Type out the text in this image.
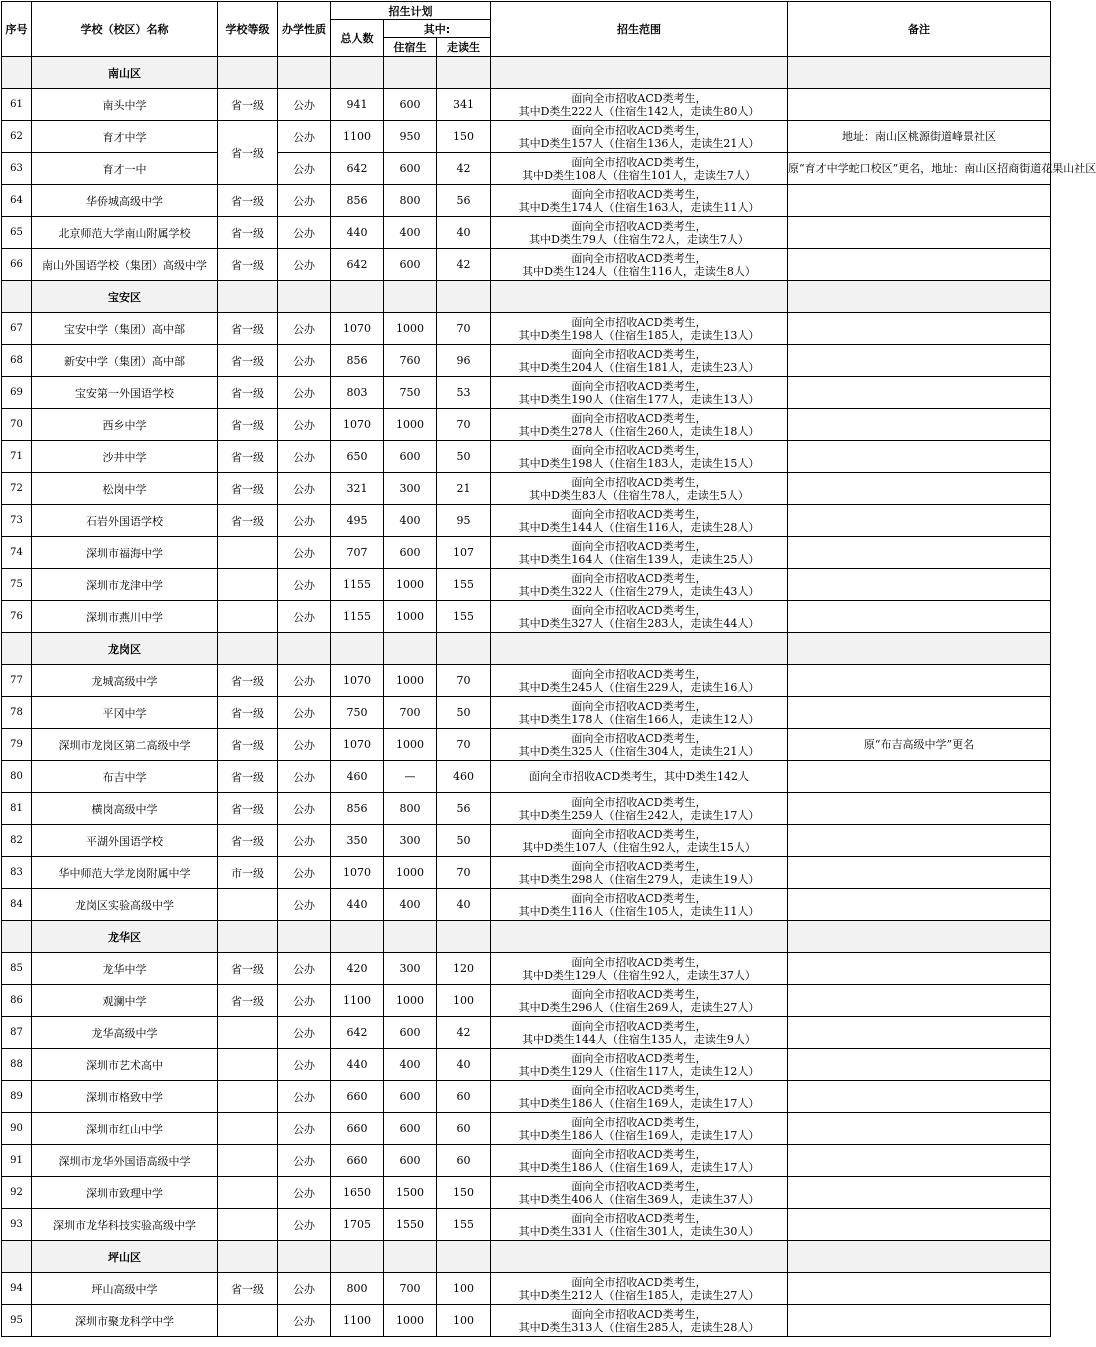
序号	学校（校区）名称	学校等级	办学性质	招生计划			招生范围	备注
				总人数	其中:			
					住宿生	走读生		
	南山区							
61	南头中学	省一级	公办	941	600	341	面向全市招收ACD类考生，
其中D类生222人（住宿生142人，走读生80人）	

62	育才中学	省一级	公办	1100	950	150	面向全市招收ACD类考生，
其中D类生157人（住宿生136人，走读生21人）	地址：南山区桃源街道峰景社区
63	育才一中		公办	642	600	42	面向全市招收ACD类考生，
其中D类生108人（住宿生101人，走读生7人）	原“育才中学蛇口校区”更名，地址：南山区招商街道花果山社区
64	华侨城高级中学	省一级	公办	856	800	56	面向全市招收ACD类考生，
其中D类生174人（住宿生163人，走读生11人）	

65	北京师范大学南山附属学校	省一级	公办	440	400	40	面向全市招收ACD类考生，
其中D类生79人（住宿生72人，走读生7人）	

66	南山外国语学校（集团）高级中学	省一级	公办	642	600	42	面向全市招收ACD类考生，
其中D类生124人（住宿生116人，走读生8人）	

	宝安区							
67	宝安中学（集团）高中部	省一级	公办	1070	1000	70	面向全市招收ACD类考生，
其中D类生198人（住宿生185人，走读生13人）	

68	新安中学（集团）高中部	省一级	公办	856	760	96	面向全市招收ACD类考生，
其中D类生204人（住宿生181人，走读生23人）	

69	宝安第一外国语学校	省一级	公办	803	750	53	面向全市招收ACD类考生，
其中D类生190人（住宿生177人，走读生13人）	

70	西乡中学	省一级	公办	1070	1000	70	面向全市招收ACD类考生，
其中D类生278人（住宿生260人，走读生18人）	

71	沙井中学	省一级	公办	650	600	50	面向全市招收ACD类考生，
其中D类生198人（住宿生183人，走读生15人）	

72	松岗中学	省一级	公办	321	300	21	面向全市招收ACD类考生，
其中D类生83人（住宿生78人，走读生5人）	

73	石岩外国语学校	省一级	公办	495	400	95	面向全市招收ACD类考生，
其中D类生144人（住宿生116人，走读生28人）	

74	深圳市福海中学		公办	707	600	107	面向全市招收ACD类考生，
其中D类生164人（住宿生139人，走读生25人）	

75	深圳市龙津中学		公办	1155	1000	155	面向全市招收ACD类考生，
其中D类生322人（住宿生279人，走读生43人）	

76	深圳市燕川中学		公办	1155	1000	155	面向全市招收ACD类考生，
其中D类生327人（住宿生283人，走读生44人）	

	龙岗区							
77	龙城高级中学	省一级	公办	1070	1000	70	面向全市招收ACD类考生，
其中D类生245人（住宿生229人，走读生16人）	

78	平冈中学	省一级	公办	750	700	50	面向全市招收ACD类考生，
其中D类生178人（住宿生166人，走读生12人）	

79	深圳市龙岗区第二高级中学	省一级	公办	1070	1000	70	面向全市招收ACD类考生，
其中D类生325人（住宿生304人，走读生21人）	原“布吉高级中学”更名
80	布吉中学	省一级	公办	460	—	460	面向全市招收ACD类考生，其中D类生142人	

81	横岗高级中学	省一级	公办	856	800	56	面向全市招收ACD类考生，
其中D类生259人（住宿生242人，走读生17人）	

82	平湖外国语学校	省一级	公办	350	300	50	面向全市招收ACD类考生，
其中D类生107人（住宿生92人，走读生15人）	

83	华中师范大学龙岗附属中学	市一级	公办	1070	1000	70	面向全市招收ACD类考生，
其中D类生298人（住宿生279人，走读生19人）	

84	龙岗区实验高级中学		公办	440	400	40	面向全市招收ACD类考生，
其中D类生116人（住宿生105人，走读生11人）	

	龙华区							
85	龙华中学	省一级	公办	420	300	120	面向全市招收ACD类考生，
其中D类生129人（住宿生92人，走读生37人）	

86	观澜中学	省一级	公办	1100	1000	100	面向全市招收ACD类考生，
其中D类生296人（住宿生269人，走读生27人）	

87	龙华高级中学		公办	642	600	42	面向全市招收ACD类考生，
其中D类生144人（住宿生135人，走读生9人）	

88	深圳市艺术高中		公办	440	400	40	面向全市招收ACD类考生，
其中D类生129人（住宿生117人，走读生12人）	

89	深圳市格致中学		公办	660	600	60	面向全市招收ACD类考生，
其中D类生186人（住宿生169人，走读生17人）	

90	深圳市红山中学		公办	660	600	60	面向全市招收ACD类考生，
其中D类生186人（住宿生169人，走读生17人）	

91	深圳市龙华外国语高级中学		公办	660	600	60	面向全市招收ACD类考生，
其中D类生186人（住宿生169人，走读生17人）	

92	深圳市致理中学		公办	1650	1500	150	面向全市招收ACD类考生，
其中D类生406人（住宿生369人，走读生37人）	

93	深圳市龙华科技实验高级中学		公办	1705	1550	155	面向全市招收ACD类考生，
其中D类生331人（住宿生301人，走读生30人）	

	坪山区							
94	坪山高级中学	省一级	公办	800	700	100	面向全市招收ACD类考生，
其中D类生212人（住宿生185人，走读生27人）	

95	深圳市聚龙科学中学		公办	1100	1000	100	面向全市招收ACD类考生，
其中D类生313人（住宿生285人，走读生28人）	
